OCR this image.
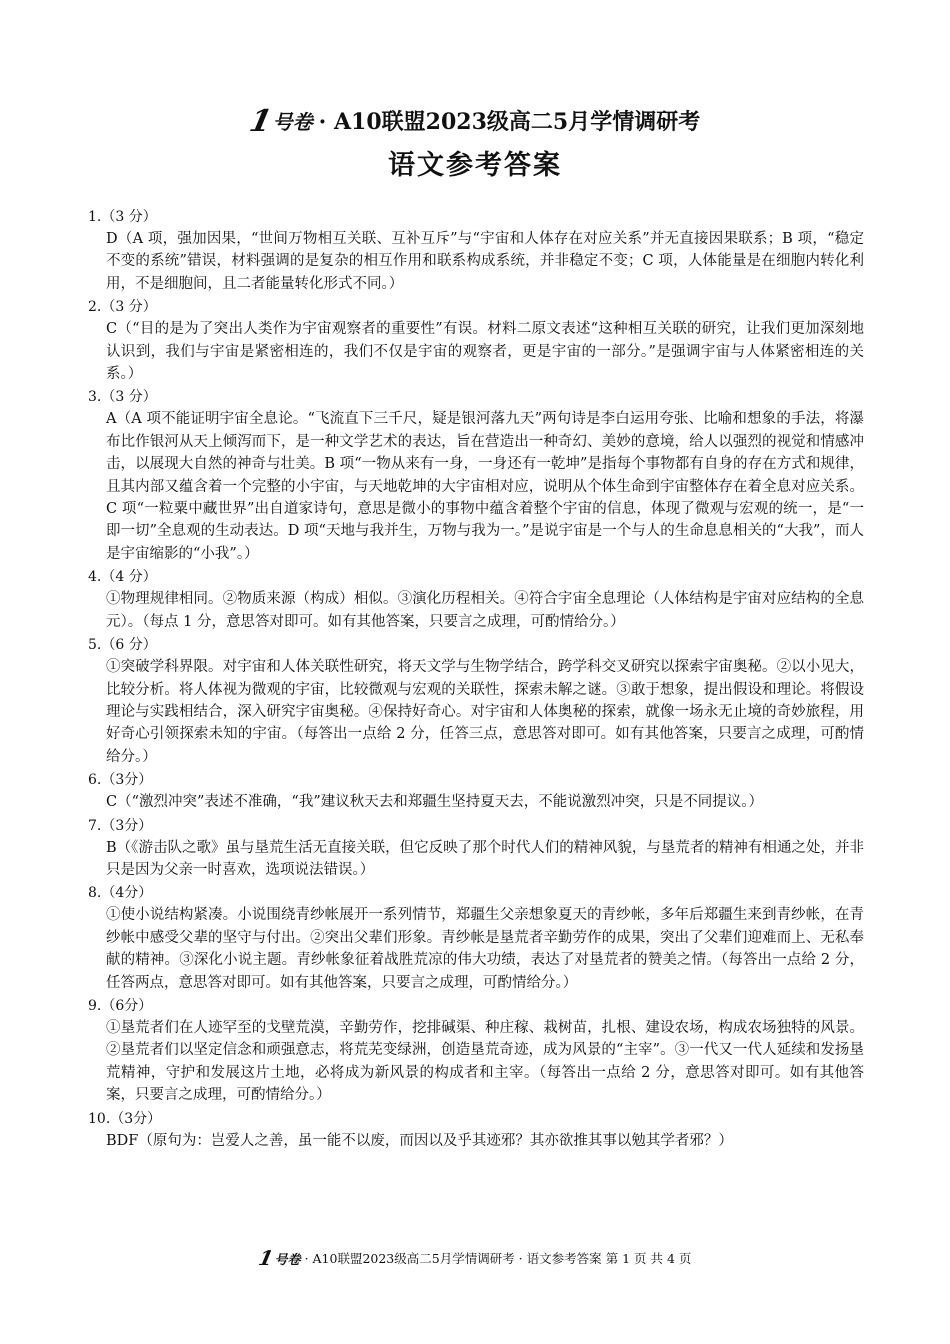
1
号卷 · A10联盟2023级高二5月学情调研考
语文参考答案
1.（3 分）

D（A 项，强加因果，“世间万物相互关联、互补互斥”与“宇宙和人体存在对应关系”并无直接因果联系；B 项，“稳定不变的系统”错误，材料强调的是复杂的相互作用和联系构成系统，并非稳定不变；C 项，人体能量是在细胞内转化利用，不是细胞间，且二者能量转化形式不同。）

2.（3 分）

C（“目的是为了突出人类作为宇宙观察者的重要性”有误。材料二原文表述“这种相互关联的研究，让我们更加深刻地认识到，我们与宇宙是紧密相连的，我们不仅是宇宙的观察者，更是宇宙的一部分。”是强调宇宙与人体紧密相连的关系。）

3.（3 分）

A（A 项不能证明宇宙全息论。“飞流直下三千尺，疑是银河落九天”两句诗是李白运用夸张、比喻和想象的手法，将瀑布比作银河从天上倾泻而下，是一种文学艺术的表达，旨在营造出一种奇幻、美妙的意境，给人以强烈的视觉和情感冲击，以展现大自然的神奇与壮美。B 项“一物从来有一身，一身还有一乾坤”是指每个事物都有自身的存在方式和规律，且其内部又蕴含着一个完整的小宇宙，与天地乾坤的大宇宙相对应，说明从个体生命到宇宙整体存在着全息对应关系。C 项“一粒粟中藏世界”出自道家诗句，意思是微小的事物中蕴含着整个宇宙的信息，体现了微观与宏观的统一，是“一即一切”全息观的生动表达。D 项“天地与我并生，万物与我为一。”是说宇宙是一个与人的生命息息相关的“大我”，而人是宇宙缩影的“小我”。）

4.（4 分）

①物理规律相同。②物质来源（构成）相似。③演化历程相关。④符合宇宙全息理论（人体结构是宇宙对应结构的全息元）。（每点 1 分，意思答对即可。如有其他答案，只要言之成理，可酌情给分。）

5.（6 分）

①突破学科界限。对宇宙和人体关联性研究，将天文学与生物学结合，跨学科交叉研究以探索宇宙奥秘。②以小见大，比较分析。将人体视为微观的宇宙，比较微观与宏观的关联性，探索未解之谜。③敢于想象，提出假设和理论。将假设理论与实践相结合，深入研究宇宙奥秘。④保持好奇心。对宇宙和人体奥秘的探索，就像一场永无止境的奇妙旅程，用好奇心引领探索未知的宇宙。（每答出一点给 2 分，任答三点，意思答对即可。如有其他答案，只要言之成理，可酌情给分。）

6.（3分）

C（“激烈冲突”表述不准确，“我”建议秋天去和郑疆生坚持夏天去，不能说激烈冲突，只是不同提议。）

7.（3分）

B（《游击队之歌》虽与垦荒生活无直接关联，但它反映了那个时代人们的精神风貌，与垦荒者的精神有相通之处，并非只是因为父亲一时喜欢，选项说法错误。）

8.（4分）

①使小说结构紧凑。小说围绕青纱帐展开一系列情节，郑疆生父亲想象夏天的青纱帐，多年后郑疆生来到青纱帐，在青纱帐中感受父辈的坚守与付出。②突出父辈们形象。青纱帐是垦荒者辛勤劳作的成果，突出了父辈们迎难而上、无私奉献的精神。③深化小说主题。青纱帐象征着战胜荒凉的伟大功绩，表达了对垦荒者的赞美之情。（每答出一点给 2 分，任答两点，意思答对即可。如有其他答案，只要言之成理，可酌情给分。）

9.（6分）

①垦荒者们在人迹罕至的戈壁荒漠，辛勤劳作，挖排碱渠、种庄稼、栽树苗，扎根、建设农场，构成农场独特的风景。②垦荒者们以坚定信念和顽强意志，将荒芜变绿洲，创造垦荒奇迹，成为风景的“主宰”。③一代又一代人延续和发扬垦荒精神，守护和发展这片土地，必将成为新风景的构成者和主宰。（每答出一点给 2 分，意思答对即可。如有其他答案，只要言之成理，可酌情给分。）

10.（3分）

BDF（原句为：岂爱人之善，虽一能不以废，而因以及乎其迹邪？其亦欲推其事以勉其学者邪？）

1 号卷 · A10联盟2023级高二5月学情调研考 · 语文参考答案 第 1 页 共 4 页
